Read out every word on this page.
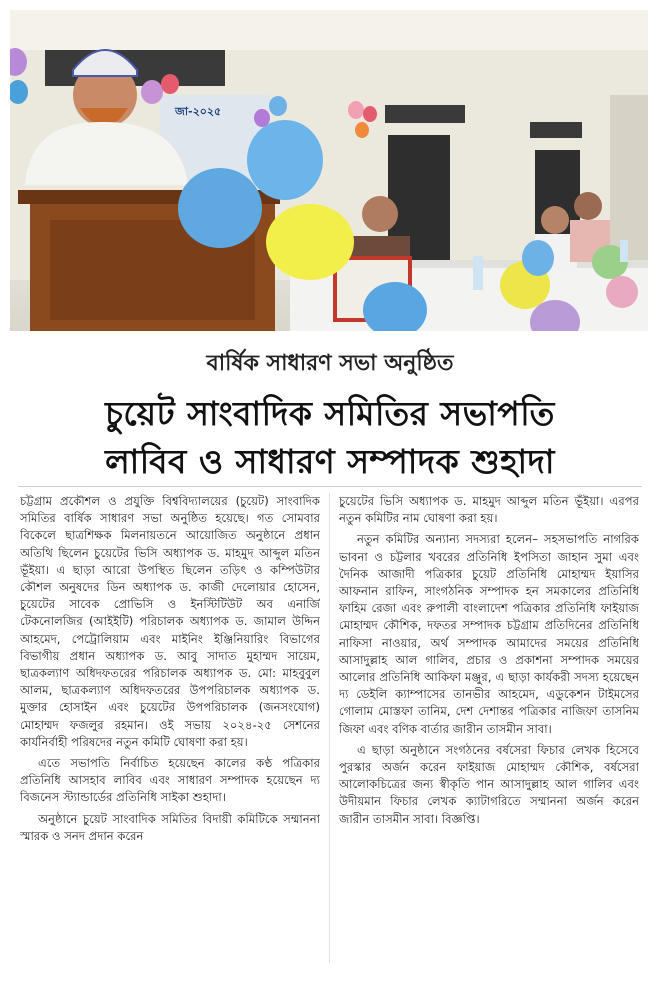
জা-২০২৫
বার্ষিক সাধারণ সভা অনুষ্ঠিত
চুয়েট সাংবাদিক সমিতির সভাপতি
লাবিব ও সাধারণ সম্পাদক শুহাদা

চট্টগ্রাম প্রকৌশল ও প্রযুক্তি বিশ্ববিদ্যালয়ের (চুয়েট) সাংবাদিক সমিতির বার্ষিক সাধারণ সভা অনুষ্ঠিত হয়েছে। গত সোমবার বিকেলে ছাত্রশিক্ষক মিলনায়তনে আয়োজিত অনুষ্ঠানে প্রধান অতিথি ছিলেন চুয়েটের ভিসি অধ্যাপক ড. মাহমুদ আব্দুল মতিন ভূঁইয়া। এ ছাড়া আরো উপস্থিত ছিলেন তড়িৎ ও কম্পিউটার কৌশল অনুষদের ডিন অধ্যাপক ড. কাজী দেলোয়ার হোসেন, চুয়েটের সাবেক প্রোভিসি ও ইনস্টিটিউট অব এনার্জি টেকনোলজির (আইইটি) পরিচালক অধ্যাপক ড. জামাল উদ্দিন আহমেদ, পেট্রোলিয়াম এবং মাইনিং ইঞ্জিনিয়ারিং বিভাগের বিভাগীয় প্রধান অধ্যাপক ড. আবু সাদাত মুহাম্মদ সায়েম, ছাত্রকল্যাণ অধিদফতরের পরিচালক অধ্যাপক ড. মো: মাহবুবুল আলম, ছাত্রকল্যাণ অধিদফতরের উপপরিচালক অধ্যাপক ড. মুক্তার হোসাইন এবং চুয়েটের উপপরিচালক (জনসংযোগ) মোহাম্মদ ফজলুর রহমান। ওই সভায় ২০২৪-২৫ সেশনের কার্যনির্বাহী পরিষদের নতুন কমিটি ঘোষণা করা হয়।

এতে সভাপতি নির্বাচিত হয়েছেন কালের কণ্ঠ পত্রিকার প্রতিনিধি আসহাব লাবিব এবং সাধারণ সম্পাদক হয়েছেন দ্য বিজনেস স্ট্যান্ডার্ডের প্রতিনিধি সাইকা শুহাদা।

অনুষ্ঠানে চুয়েট সাংবাদিক সমিতির বিদায়ী কমিটিকে সম্মাননা স্মারক ও সনদ প্রদান করেন

চুয়েটের ভিসি অধ্যাপক ড. মাহমুদ আব্দুল মতিন ভূঁইয়া। এরপর নতুন কমিটির নাম ঘোষণা করা হয়।

নতুন কমিটির অন্যান্য সদস্যরা হলেন– সহসভাপতি নাগরিক ভাবনা ও চট্টলার খবরের প্রতিনিধি ইপসিতা জাহান সুমা এবং দৈনিক আজাদী পত্রিকার চুয়েট প্রতিনিধি মোহাম্মদ ইয়াসির আফনান রাফিন, সাংগঠনিক সম্পাদক হন সমকালের প্রতিনিধি ফাহিম রেজা এবং রুপালী বাংলাদেশ পত্রিকার প্রতিনিধি ফাইয়াজ মোহাম্মদ কৌশিক, দফতর সম্পাদক চট্টগ্রাম প্রতিদিনের প্রতিনিধি নাফিসা নাওয়ার, অর্থ সম্পাদক আমাদের সময়ের প্রতিনিধি আসাদুল্লাহ আল গালিব, প্রচার ও প্রকাশনা সম্পাদক সময়ের আলোর প্রতিনিধি আকিফা মঞ্জুর, এ ছাড়া কার্যকরী সদস্য হয়েছেন দ্য ডেইলি ক্যাম্পাসের তানভীর আহমেদ, এডুকেশন টাইমসের গোলাম মোস্তফা তানিম, দেশ দেশান্তর পত্রিকার নাজিফা তাসনিম জিফা এবং বণিক বার্তার জারীন তাসমীন সাবা।

এ ছাড়া অনুষ্ঠানে সংগঠনের বর্ষসেরা ফিচার লেখক হিসেবে পুরস্কার অর্জন করেন ফাইয়াজ মোহাম্মদ কৌশিক, বর্ষসেরা আলোকচিত্রের জন্য স্বীকৃতি পান আসাদুল্লাহ আল গালিব এবং উদীয়মান ফিচার লেখক ক্যাটাগরিতে সম্মাননা অর্জন করেন জারীন তাসমীন সাবা। বিজ্ঞপ্তি।
